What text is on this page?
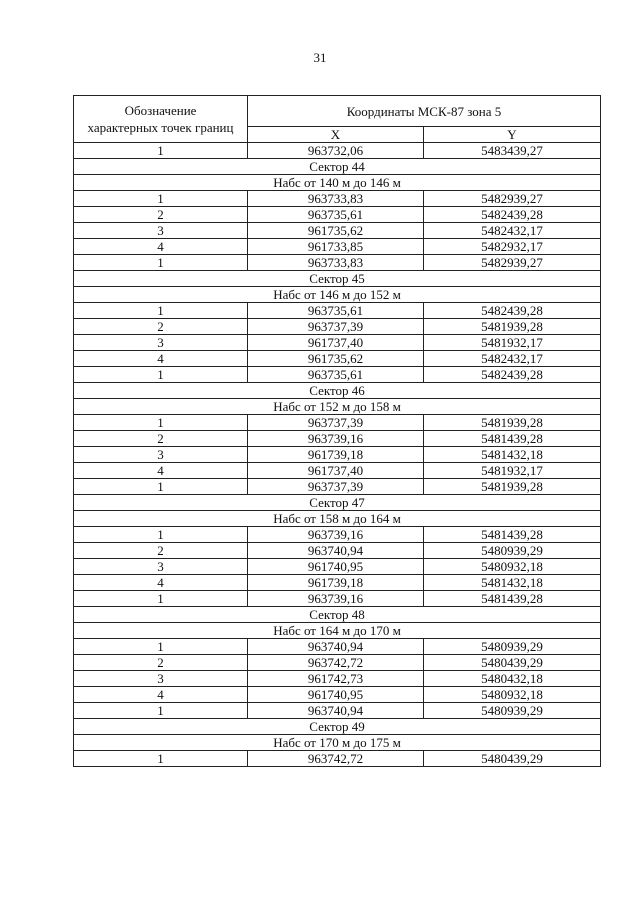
31
Обозначение
характерных точек границ	Координаты МСК-87 зона 5	
	X	Y
1	963732,06	5483439,27
Сектор 44		
Набс от 140 м до 146 м		
1	963733,83	5482939,27
2	963735,61	5482439,28
3	961735,62	5482432,17
4	961733,85	5482932,17
1	963733,83	5482939,27
Сектор 45		
Набс от 146 м до 152 м		
1	963735,61	5482439,28
2	963737,39	5481939,28
3	961737,40	5481932,17
4	961735,62	5482432,17
1	963735,61	5482439,28
Сектор 46		
Набс от 152 м до 158 м		
1	963737,39	5481939,28
2	963739,16	5481439,28
3	961739,18	5481432,18
4	961737,40	5481932,17
1	963737,39	5481939,28
Сектор 47		
Набс от 158 м до 164 м		
1	963739,16	5481439,28
2	963740,94	5480939,29
3	961740,95	5480932,18
4	961739,18	5481432,18
1	963739,16	5481439,28
Сектор 48		
Набс от 164 м до 170 м		
1	963740,94	5480939,29
2	963742,72	5480439,29
3	961742,73	5480432,18
4	961740,95	5480932,18
1	963740,94	5480939,29
Сектор 49		
Набс от 170 м до 175 м		
1	963742,72	5480439,29
